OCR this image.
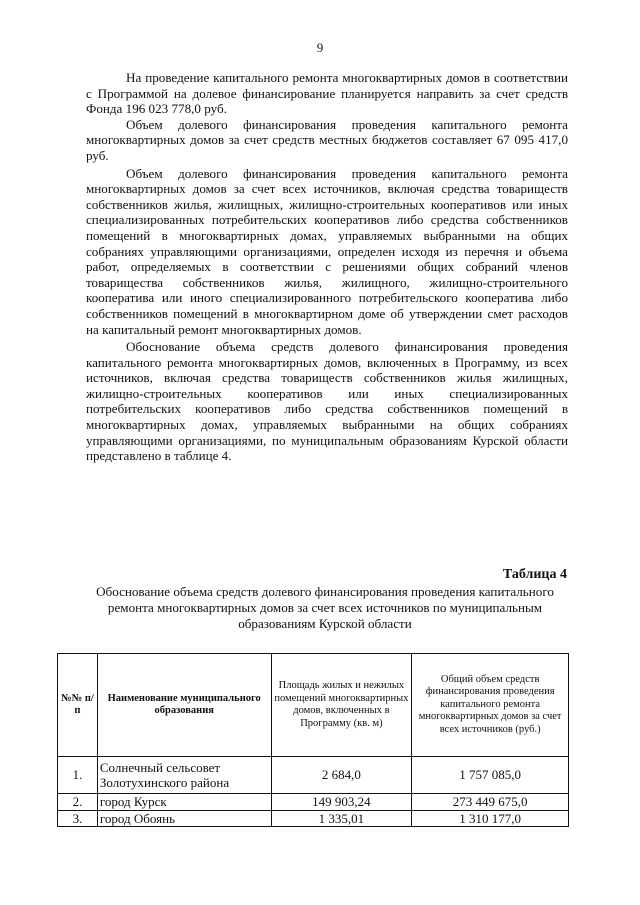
9

На проведение капитального ремонта многоквартирных домов в соответствии с Программой на долевое финансирование планируется направить за счет средств Фонда 196 023 778,0 руб.

Объем долевого финансирования проведения капитального ремонта многоквартирных домов за счет средств местных бюджетов составляет 67 095 417,0 руб.

Объем долевого финансирования проведения капитального ремонта многоквартирных домов за счет всех источников, включая средства товариществ собственников жилья, жилищных, жилищно-строительных кооперативов или иных специализированных потребительских кооперативов либо средства собственников помещений в многоквартирных домах, управляемых выбранными на общих собраниях управляющими организациями, определен исходя из перечня и объема работ, определяемых в соответствии с решениями общих собраний членов товарищества собственников жилья, жилищного, жилищно-строительного кооператива или иного специализированного потребительского кооператива либо собственников помещений в многоквартирном доме об утверждении смет расходов на капитальный ремонт многоквартирных домов.

Обоснование объема средств долевого финансирования проведения капитального ремонта многоквартирных домов, включенных в Программу, из всех источников, включая средства товариществ собственников жилья жилищных, жилищно-строительных кооперативов или иных специализированных потребительских кооперативов либо средства собственников помещений в многоквартирных домах, управляемых выбранными на общих собраниях управляющими организациями, по муниципальным образованиям Курской области представлено в таблице 4.

Таблица 4
Обоснование объема средств долевого финансирования проведения капитального ремонта многоквартирных домов за счет всех источников по муниципальным образованиям Курской области
№№ п/п	Наименование муниципального образования	Площадь жилых и нежилых помещений многоквартирных домов, включенных в Программу (кв. м)	Общий объем средств финансирования проведения капитального ремонта многоквартирных домов за счет всех источников (руб.)
1.	Солнечный сельсовет Золотухинского района	2 684,0	1 757 085,0
2.	город Курск	149 903,24	273 449 675,0
3.	город Обоянь	1 335,01	1 310 177,0
